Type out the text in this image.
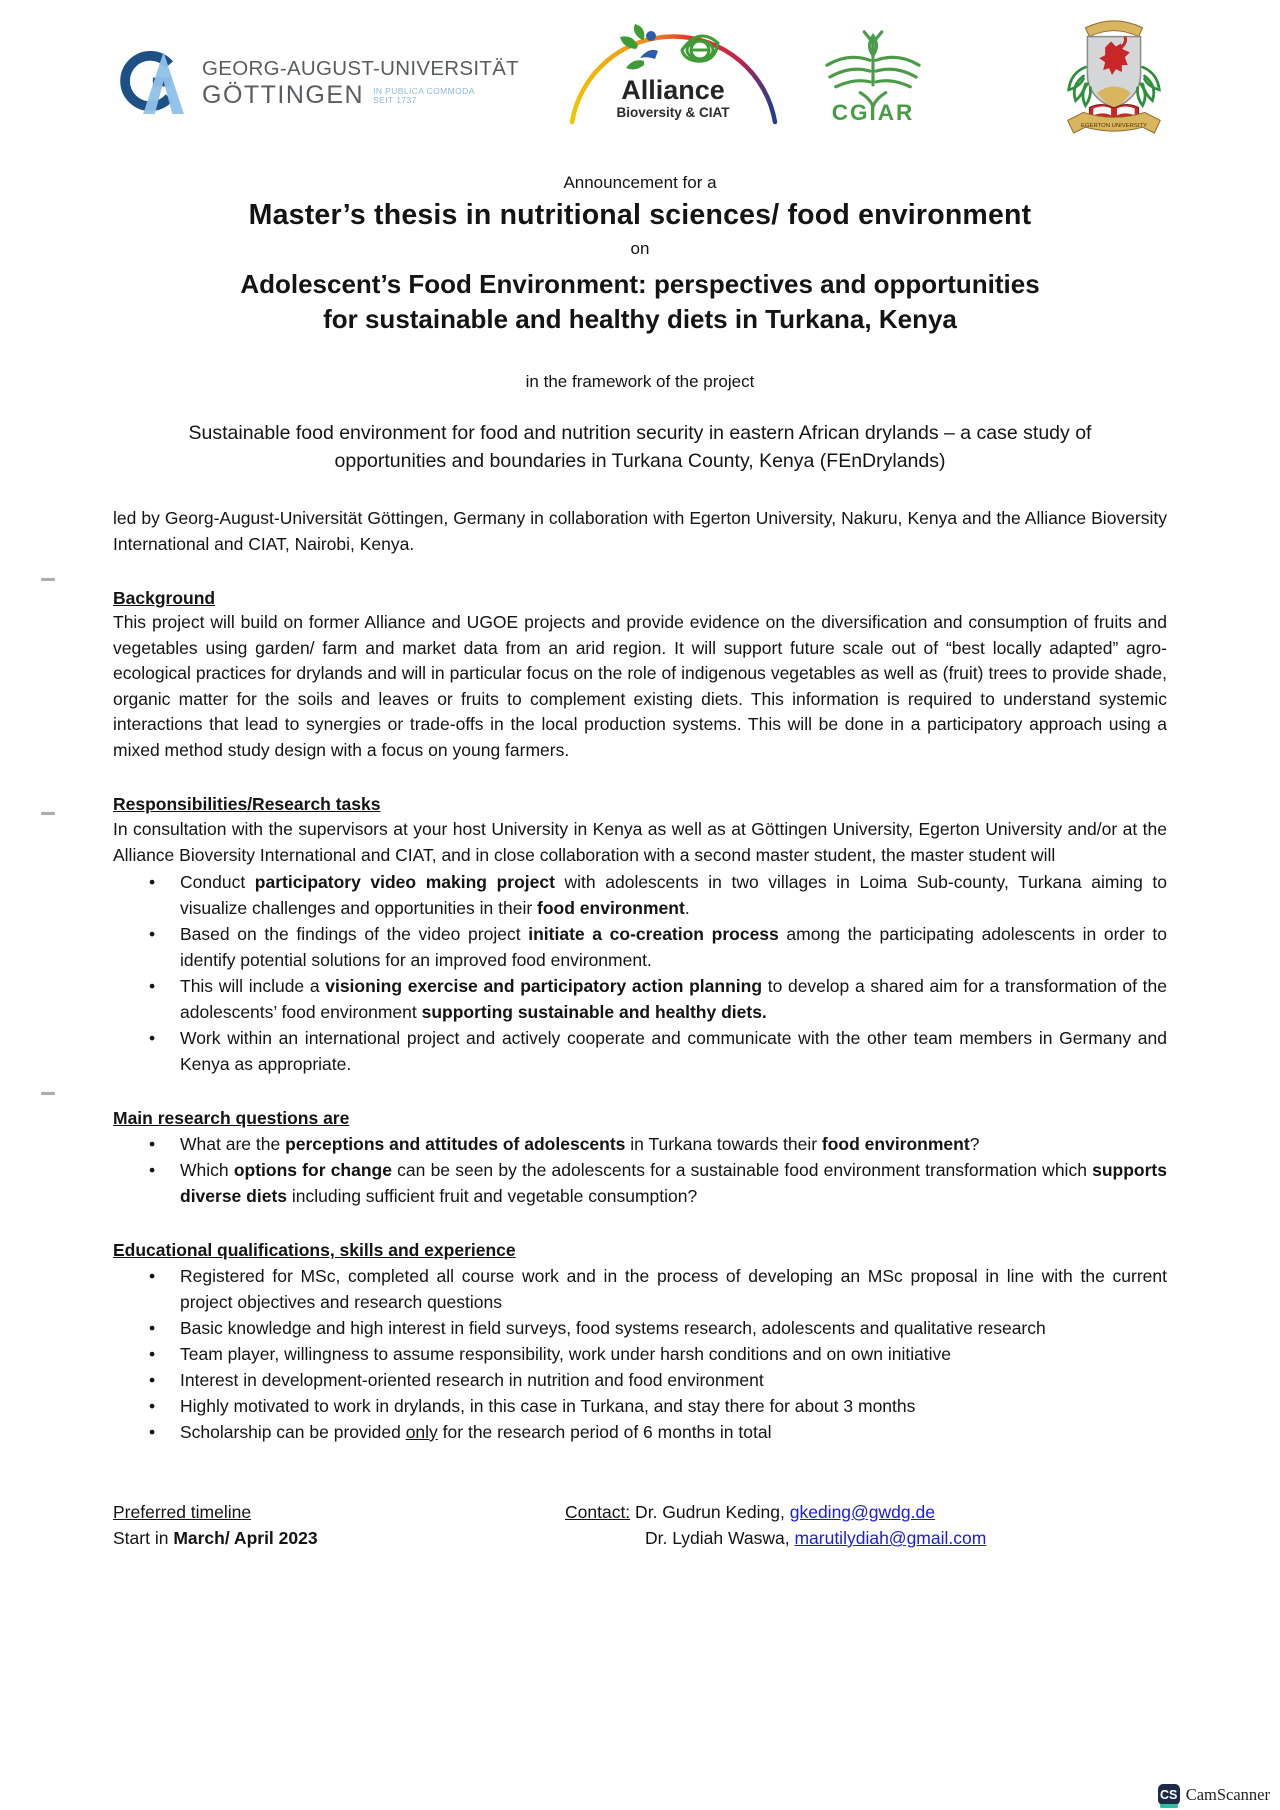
GEORG-AUGUST-UNIVERSITÄT
GÖTTINGEN IN PUBLICA COMMODA
SEIT 1737	Alliance
Bioversity & CIAT	CGIAR
EGERTON UNIVERSITY
Announcement for a
Master’s thesis in nutritional sciences/ food environment
on
Adolescent’s Food Environment: perspectives and opportunities
for sustainable and healthy diets in Turkana, Kenya
in the framework of the project
Sustainable food environment for food and nutrition security in eastern African drylands – a case study of opportunities and boundaries in Turkana County, Kenya (FEnDrylands)
led by Georg-August-Universität Göttingen, Germany in collaboration with Egerton University, Nakuru, Kenya and the Alliance Bioversity International and CIAT, Nairobi, Kenya.
Background
This project will build on former Alliance and UGOE projects and provide evidence on the diversification and consumption of fruits and vegetables using garden/ farm and market data from an arid region. It will support future scale out of “best locally adapted” agro-ecological practices for drylands and will in particular focus on the role of indigenous vegetables as well as (fruit) trees to provide shade, organic matter for the soils and leaves or fruits to complement existing diets. This information is required to understand systemic interactions that lead to synergies or trade-offs in the local production systems. This will be done in a participatory approach using a mixed method study design with a focus on young farmers.
Responsibilities/Research tasks
In consultation with the supervisors at your host University in Kenya as well as at Göttingen University, Egerton University and/or at the Alliance Bioversity International and CIAT, and in close collaboration with a second master student, the master student will
•	Conduct participatory video making project with adolescents in two villages in Loima Sub-county, Turkana aiming to visualize challenges and opportunities in their food environment.
•	Based on the findings of the video project initiate a co-creation process among the participating adolescents in order to identify potential solutions for an improved food environment.
•	This will include a visioning exercise and participatory action planning to develop a shared aim for a transformation of the adolescents’ food environment supporting sustainable and healthy diets.
•	Work within an international project and actively cooperate and communicate with the other team members in Germany and Kenya as appropriate.
Main research questions are
•	What are the perceptions and attitudes of adolescents in Turkana towards their food environment?
•	Which options for change can be seen by the adolescents for a sustainable food environment transformation which supports diverse diets including sufficient fruit and vegetable consumption?
Educational qualifications, skills and experience
•	Registered for MSc, completed all course work and in the process of developing an MSc proposal in line with the current project objectives and research questions
•	Basic knowledge and high interest in field surveys, food systems research, adolescents and qualitative research
•	Team player, willingness to assume responsibility, work under harsh conditions and on own initiative
•	Interest in development-oriented research in nutrition and food environment
•	Highly motivated to work in drylands, in this case in Turkana, and stay there for about 3 months
•	Scholarship can be provided only for the research period of 6 months in total
Preferred timeline
Start in March/ April 2023
Contact: Dr. Gudrun Keding, gkeding@gwdg.de
Dr. Lydiah Waswa, marutilydiah@gmail.com
CS CamScanner
